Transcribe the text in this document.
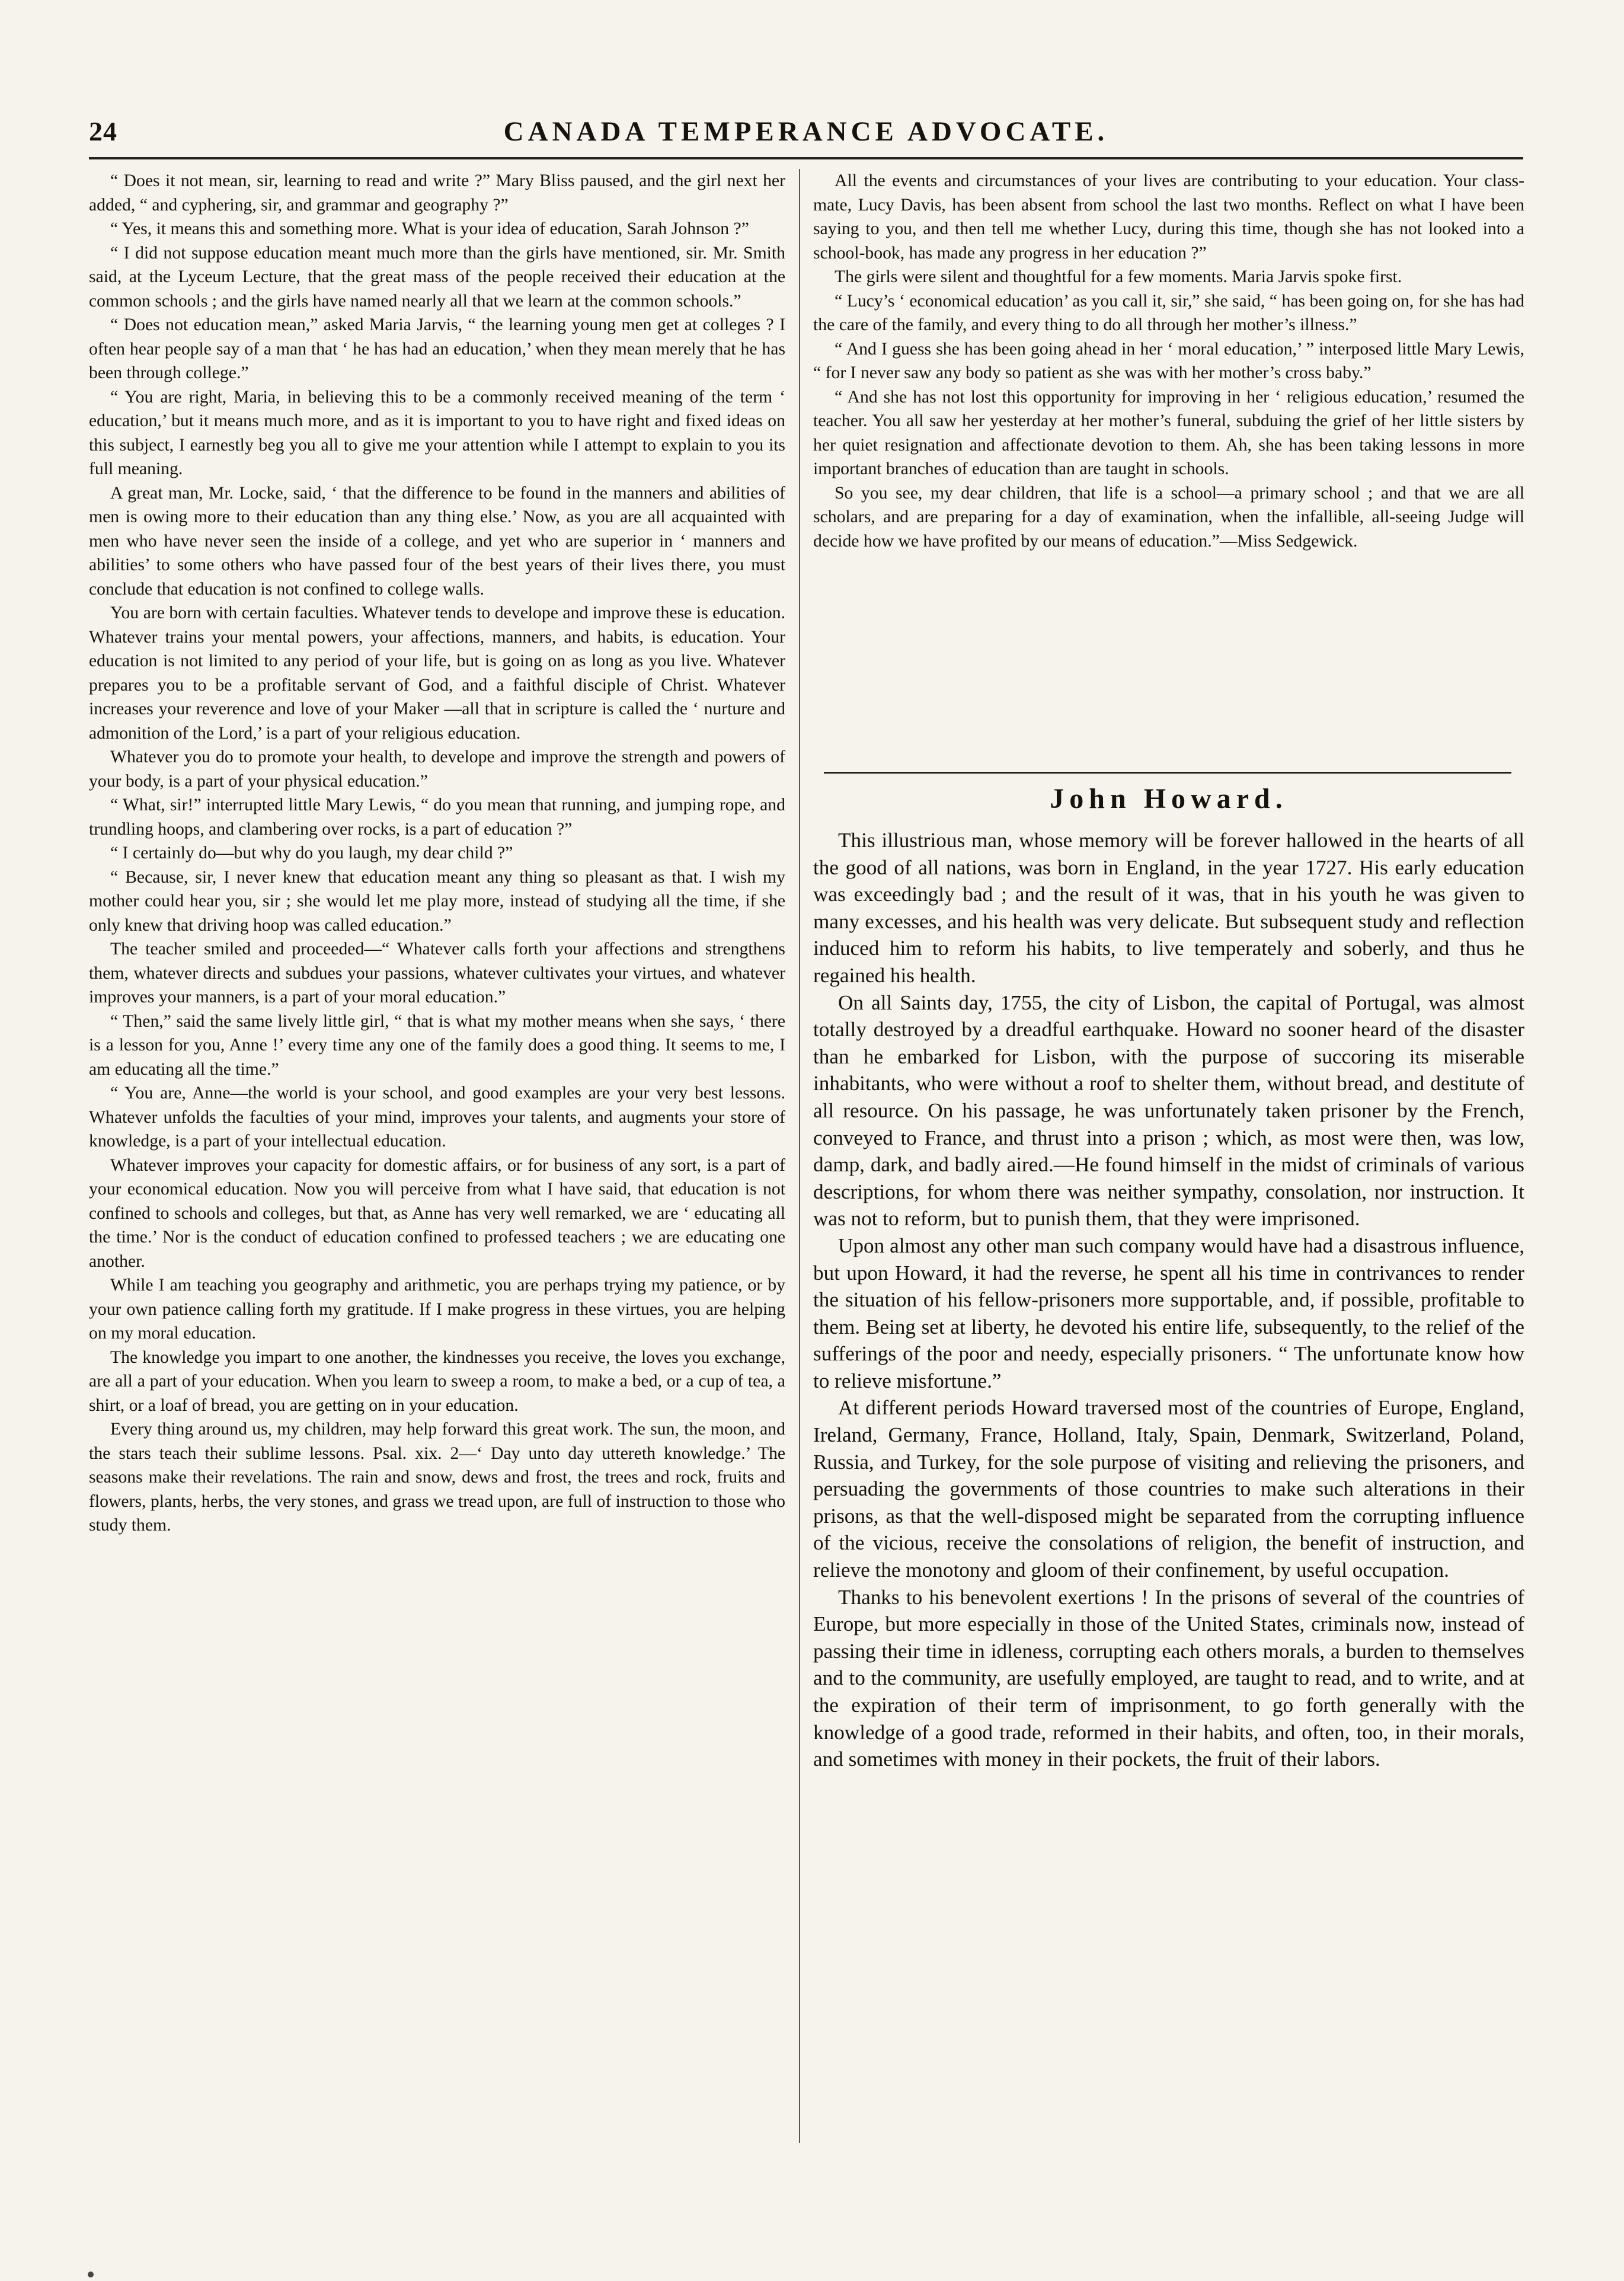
24	CANADA TEMPERANCE ADVOCATE.

“ Does it not mean, sir, learning to read and write ?” Mary Bliss paused, and the girl next her added, “ and cyphering, sir, and grammar and geography ?”

“ Yes, it means this and something more. What is your idea of education, Sarah Johnson ?”

“ I did not suppose education meant much more than the girls have mentioned, sir. Mr. Smith said, at the Lyceum Lecture, that the great mass of the people received their education at the common schools ; and the girls have named nearly all that we learn at the common schools.”

“ Does not education mean,” asked Maria Jarvis, “ the learning young men get at colleges ? I often hear people say of a man that ‘ he has had an education,’ when they mean merely that he has been through college.”

“ You are right, Maria, in believing this to be a commonly received meaning of the term ‘ education,’ but it means much more, and as it is important to you to have right and fixed ideas on this subject, I earnestly beg you all to give me your attention while I attempt to explain to you its full meaning.

A great man, Mr. Locke, said, ‘ that the difference to be found in the manners and abilities of men is owing more to their education than any thing else.’ Now, as you are all acquainted with men who have never seen the inside of a college, and yet who are superior in ‘ manners and abilities’ to some others who have passed four of the best years of their lives there, you must conclude that education is not confined to college walls.

You are born with certain faculties. Whatever tends to develope and improve these is education. Whatever trains your mental powers, your affections, manners, and habits, is education. Your education is not limited to any period of your life, but is going on as long as you live. Whatever prepares you to be a profitable servant of God, and a faithful disciple of Christ. Whatever increases your reverence and love of your Maker —all that in scripture is called the ‘ nurture and admonition of the Lord,’ is a part of your religious education.

Whatever you do to promote your health, to develope and improve the strength and powers of your body, is a part of your physical education.”

“ What, sir!” interrupted little Mary Lewis, “ do you mean that running, and jumping rope, and trundling hoops, and clambering over rocks, is a part of education ?”

“ I certainly do—but why do you laugh, my dear child ?”

“ Because, sir, I never knew that education meant any thing so pleasant as that. I wish my mother could hear you, sir ; she would let me play more, instead of studying all the time, if she only knew that driving hoop was called education.”

The teacher smiled and proceeded—“ Whatever calls forth your affections and strengthens them, whatever directs and subdues your passions, whatever cultivates your virtues, and whatever improves your manners, is a part of your moral education.”

“ Then,” said the same lively little girl, “ that is what my mother means when she says, ‘ there is a lesson for you, Anne !’ every time any one of the family does a good thing. It seems to me, I am educating all the time.”

“ You are, Anne—the world is your school, and good examples are your very best lessons. Whatever unfolds the faculties of your mind, improves your talents, and augments your store of knowledge, is a part of your intellectual education.

Whatever improves your capacity for domestic affairs, or for business of any sort, is a part of your economical education. Now you will perceive from what I have said, that education is not confined to schools and colleges, but that, as Anne has very well remarked, we are ‘ educating all the time.’ Nor is the conduct of education confined to professed teachers ; we are educating one another.

While I am teaching you geography and arithmetic, you are perhaps trying my patience, or by your own patience calling forth my gratitude. If I make progress in these virtues, you are helping on my moral education.

The knowledge you impart to one another, the kindnesses you receive, the loves you exchange, are all a part of your education. When you learn to sweep a room, to make a bed, or a cup of tea, a shirt, or a loaf of bread, you are getting on in your education.

Every thing around us, my children, may help forward this great work. The sun, the moon, and the stars teach their sublime lessons. Psal. xix. 2—‘ Day unto day uttereth knowledge.’ The seasons make their revelations. The rain and snow, dews and frost, the trees and rock, fruits and flowers, plants, herbs, the very stones, and grass we tread upon, are full of instruction to those who study them.

All the events and circumstances of your lives are contributing to your education. Your class-mate, Lucy Davis, has been absent from school the last two months. Reflect on what I have been saying to you, and then tell me whether Lucy, during this time, though she has not looked into a school-book, has made any progress in her education ?”

The girls were silent and thoughtful for a few moments. Maria Jarvis spoke first.

“ Lucy’s ‘ economical education’ as you call it, sir,” she said, “ has been going on, for she has had the care of the family, and every thing to do all through her mother’s illness.”

“ And I guess she has been going ahead in her ‘ moral education,’ ” interposed little Mary Lewis, “ for I never saw any body so patient as she was with her mother’s cross baby.”

“ And she has not lost this opportunity for improving in her ‘ religious education,’ resumed the teacher. You all saw her yesterday at her mother’s funeral, subduing the grief of her little sisters by her quiet resignation and affectionate devotion to them. Ah, she has been taking lessons in more important branches of education than are taught in schools.

So you see, my dear children, that life is a school—a primary school ; and that we are all scholars, and are preparing for a day of examination, when the infallible, all-seeing Judge will decide how we have profited by our means of education.”—Miss Sedgewick.

John Howard.

This illustrious man, whose memory will be forever hallowed in the hearts of all the good of all nations, was born in England, in the year 1727. His early education was exceedingly bad ; and the result of it was, that in his youth he was given to many excesses, and his health was very delicate. But subsequent study and reflection induced him to reform his habits, to live temperately and soberly, and thus he regained his health.

On all Saints day, 1755, the city of Lisbon, the capital of Portugal, was almost totally destroyed by a dreadful earthquake. Howard no sooner heard of the disaster than he embarked for Lisbon, with the purpose of succoring its miserable inhabitants, who were without a roof to shelter them, without bread, and destitute of all resource. On his passage, he was unfortunately taken prisoner by the French, conveyed to France, and thrust into a prison ; which, as most were then, was low, damp, dark, and badly aired.—He found himself in the midst of criminals of various descriptions, for whom there was neither sympathy, consolation, nor instruction. It was not to reform, but to punish them, that they were imprisoned.

Upon almost any other man such company would have had a disastrous influence, but upon Howard, it had the reverse, he spent all his time in contrivances to render the situation of his fellow-prisoners more supportable, and, if possible, profitable to them. Being set at liberty, he devoted his entire life, subsequently, to the relief of the sufferings of the poor and needy, especially prisoners. “ The unfortunate know how to relieve misfortune.”

At different periods Howard traversed most of the countries of Europe, England, Ireland, Germany, France, Holland, Italy, Spain, Denmark, Switzerland, Poland, Russia, and Turkey, for the sole purpose of visiting and relieving the prisoners, and persuading the governments of those countries to make such alterations in their prisons, as that the well-disposed might be separated from the corrupting influence of the vicious, receive the consolations of religion, the benefit of instruction, and relieve the monotony and gloom of their confinement, by useful occupation.

Thanks to his benevolent exertions ! In the prisons of several of the countries of Europe, but more especially in those of the United States, criminals now, instead of passing their time in idleness, corrupting each others morals, a burden to themselves and to the community, are usefully employed, are taught to read, and to write, and at the expiration of their term of imprisonment, to go forth generally with the knowledge of a good trade, reformed in their habits, and often, too, in their morals, and sometimes with money in their pockets, the fruit of their labors.
